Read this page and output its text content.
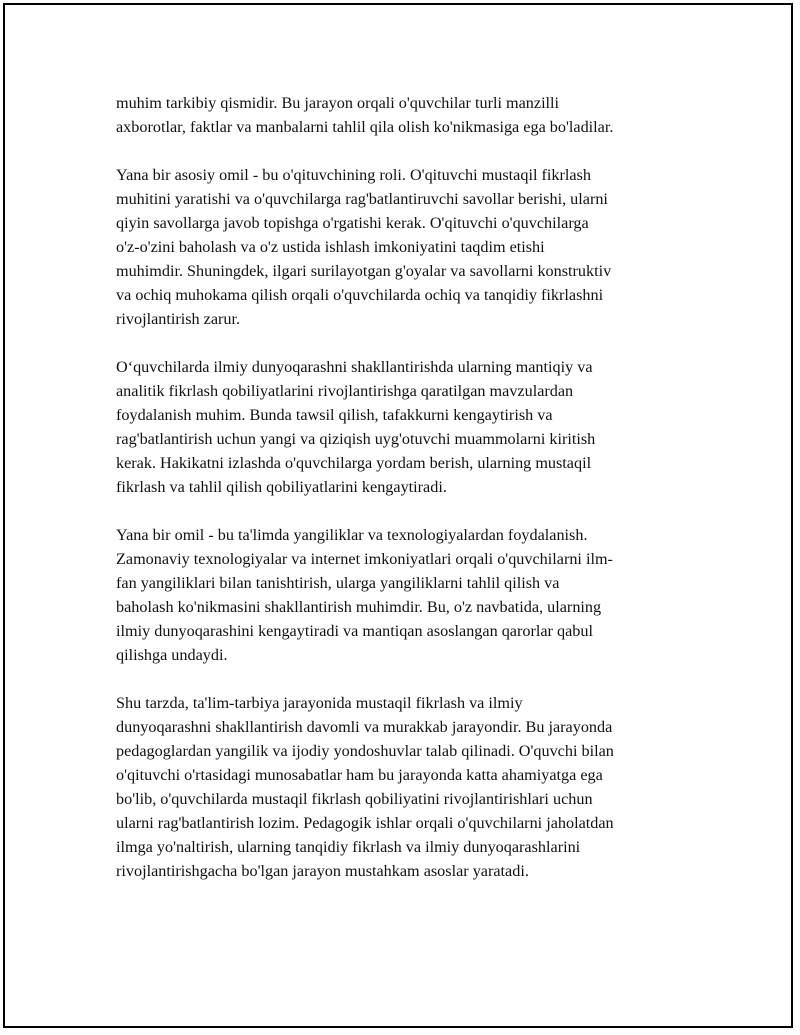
muhim tarkibiy qismidir. Bu jarayon orqali o'quvchilar turli manzilli
axborotlar, faktlar va manbalarni tahlil qila olish ko'nikmasiga ega bo'ladilar.

Yana bir asosiy omil - bu o'qituvchining roli. O'qituvchi mustaqil fikrlash
muhitini yaratishi va o'quvchilarga rag'batlantiruvchi savollar berishi, ularni
qiyin savollarga javob topishga o'rgatishi kerak. O'qituvchi o'quvchilarga
o'z-o'zini baholash va o'z ustida ishlash imkoniyatini taqdim etishi
muhimdir. Shuningdek, ilgari surilayotgan g'oyalar va savollarni konstruktiv
va ochiq muhokama qilish orqali o'quvchilarda ochiq va tanqidiy fikrlashni
rivojlantirish zarur.

O‘quvchilarda ilmiy dunyoqarashni shakllantirishda ularning mantiqiy va
analitik fikrlash qobiliyatlarini rivojlantirishga qaratilgan mavzulardan
foydalanish muhim. Bunda tawsil qilish, tafakkurni kengaytirish va
rag'batlantirish uchun yangi va qiziqish uyg'otuvchi muammolarni kiritish
kerak. Hakikatni izlashda o'quvchilarga yordam berish, ularning mustaqil
fikrlash va tahlil qilish qobiliyatlarini kengaytiradi.

Yana bir omil - bu ta'limda yangiliklar va texnologiyalardan foydalanish.
Zamonaviy texnologiyalar va internet imkoniyatlari orqali o'quvchilarni ilm-
fan yangiliklari bilan tanishtirish, ularga yangiliklarni tahlil qilish va
baholash ko'nikmasini shakllantirish muhimdir. Bu, o'z navbatida, ularning
ilmiy dunyoqarashini kengaytiradi va mantiqan asoslangan qarorlar qabul
qilishga undaydi.

Shu tarzda, ta'lim-tarbiya jarayonida mustaqil fikrlash va ilmiy
dunyoqarashni shakllantirish davomli va murakkab jarayondir. Bu jarayonda
pedagoglardan yangilik va ijodiy yondoshuvlar talab qilinadi. O'quvchi bilan
o'qituvchi o'rtasidagi munosabatlar ham bu jarayonda katta ahamiyatga ega
bo'lib, o'quvchilarda mustaqil fikrlash qobiliyatini rivojlantirishlari uchun
ularni rag'batlantirish lozim. Pedagogik ishlar orqali o'quvchilarni jaholatdan
ilmga yo'naltirish, ularning tanqidiy fikrlash va ilmiy dunyoqarashlarini
rivojlantirishgacha bo'lgan jarayon mustahkam asoslar yaratadi.
